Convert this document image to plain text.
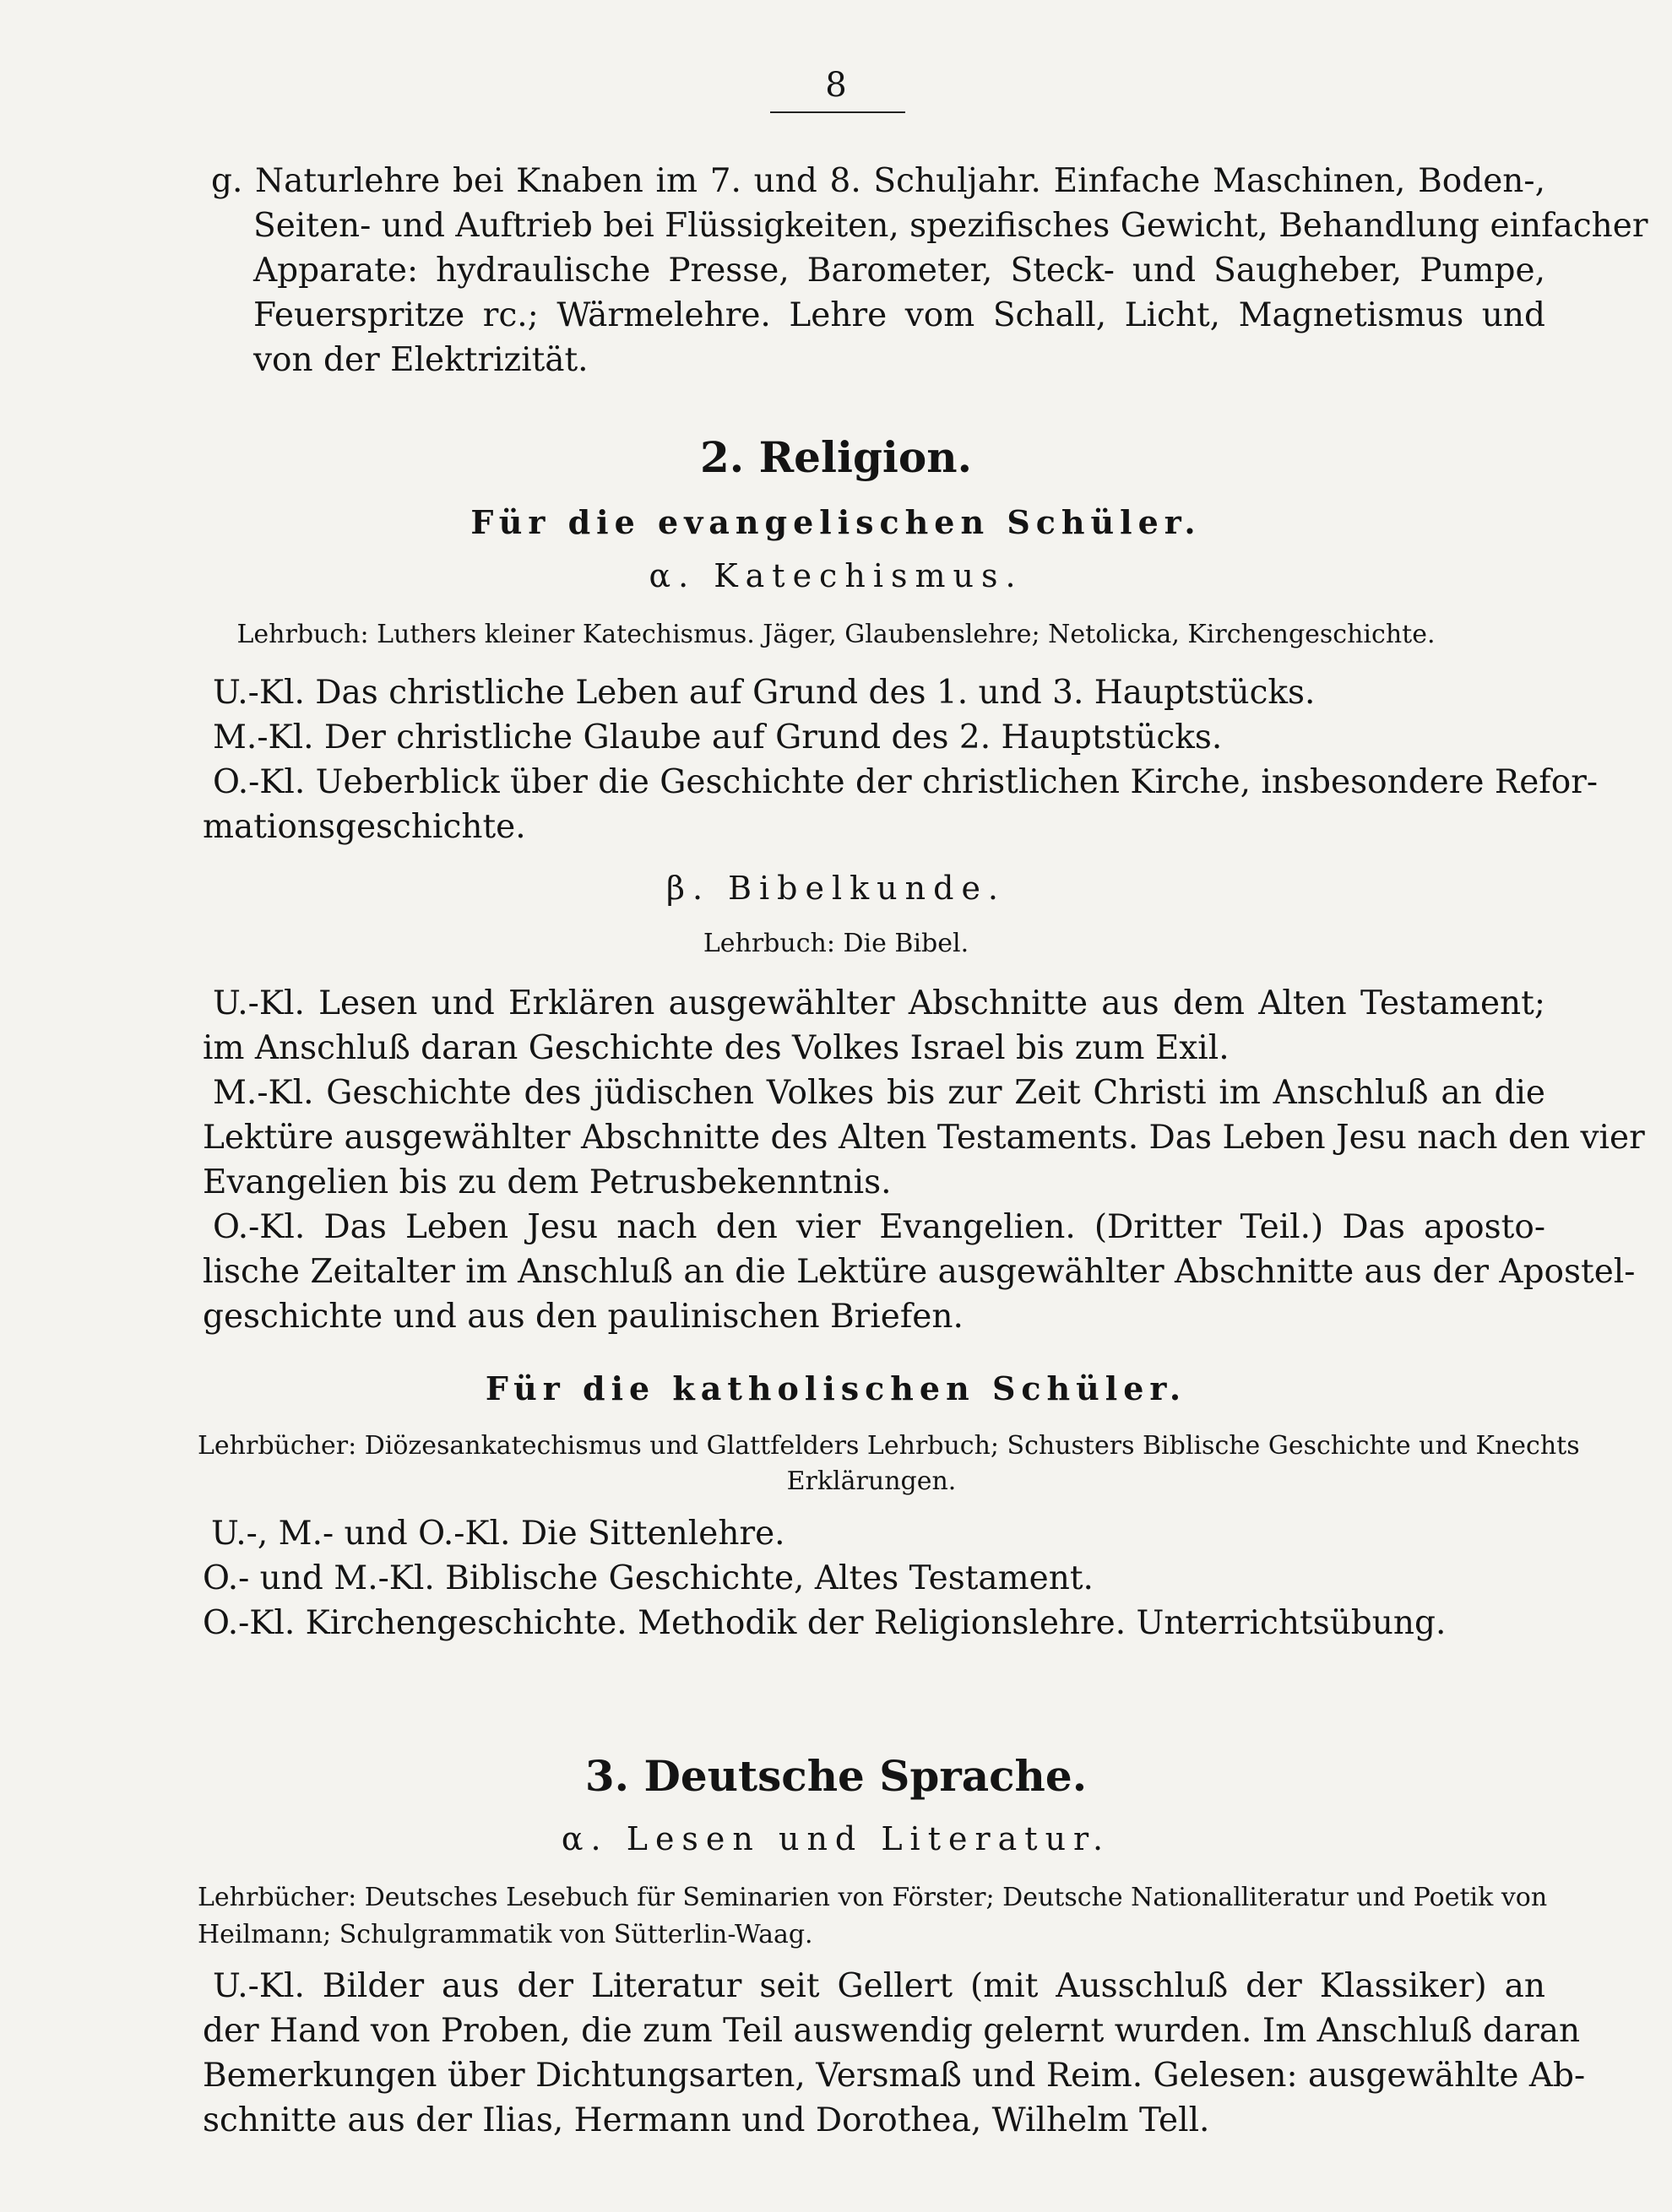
8
g. Naturlehre bei Knaben im 7. und 8. Schuljahr. Einfache Maschinen, Boden-,
Seiten- und Auftrieb bei Flüssigkeiten, spezifisches Gewicht, Behandlung einfacher
Apparate: hydraulische Presse, Barometer, Steck- und Saugheber, Pumpe,
Feuerspritze rc.; Wärmelehre. Lehre vom Schall, Licht, Magnetismus und
von der Elektrizität.
2. Religion.
Für die evangelischen Schüler.
α. Katechismus.
Lehrbuch: Luthers kleiner Katechismus. Jäger, Glaubenslehre; Netolicka, Kirchengeschichte.
U.-Kl. Das christliche Leben auf Grund des 1. und 3. Hauptstücks.
M.-Kl. Der christliche Glaube auf Grund des 2. Hauptstücks.
O.-Kl. Ueberblick über die Geschichte der christlichen Kirche, insbesondere Refor-
mationsgeschichte.
β. Bibelkunde.
Lehrbuch: Die Bibel.
U.-Kl. Lesen und Erklären ausgewählter Abschnitte aus dem Alten Testament;
im Anschluß daran Geschichte des Volkes Israel bis zum Exil.
M.-Kl. Geschichte des jüdischen Volkes bis zur Zeit Christi im Anschluß an die
Lektüre ausgewählter Abschnitte des Alten Testaments. Das Leben Jesu nach den vier
Evangelien bis zu dem Petrusbekenntnis.
O.-Kl. Das Leben Jesu nach den vier Evangelien. (Dritter Teil.) Das aposto-
lische Zeitalter im Anschluß an die Lektüre ausgewählter Abschnitte aus der Apostel-
geschichte und aus den paulinischen Briefen.
Für die katholischen Schüler.
Lehrbücher: Diözesankatechismus und Glattfelders Lehrbuch; Schusters Biblische Geschichte und Knechts
Erklärungen.
U.-, M.- und O.-Kl. Die Sittenlehre.
O.- und M.-Kl. Biblische Geschichte, Altes Testament.
O.-Kl. Kirchengeschichte. Methodik der Religionslehre. Unterrichtsübung.
3. Deutsche Sprache.
α. Lesen und Literatur.
Lehrbücher: Deutsches Lesebuch für Seminarien von Förster; Deutsche Nationalliteratur und Poetik von
Heilmann; Schulgrammatik von Sütterlin-Waag.
U.-Kl. Bilder aus der Literatur seit Gellert (mit Ausschluß der Klassiker) an
der Hand von Proben, die zum Teil auswendig gelernt wurden. Im Anschluß daran
Bemerkungen über Dichtungsarten, Versmaß und Reim. Gelesen: ausgewählte Ab-
schnitte aus der Ilias, Hermann und Dorothea, Wilhelm Tell.
